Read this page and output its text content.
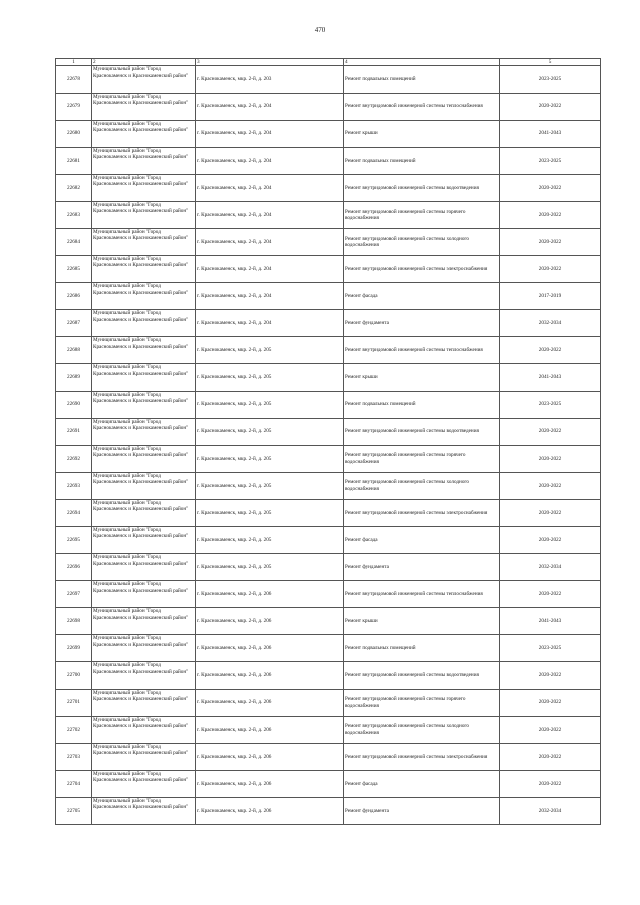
470
1	2	3	4	5
22678	Муниципальный район "Город Краснокаменск и Краснокаменский район"	г. Краснокаменск, мкр. 2-й, д. 203	Ремонт подвальных помещений	2023-2025
22679	Муниципальный район "Город Краснокаменск и Краснокаменский район"	г. Краснокаменск, мкр. 2-й, д. 204	Ремонт внутридомовой инженерной системы теплоснабжения	2020-2022
22680	Муниципальный район "Город Краснокаменск и Краснокаменский район"	г. Краснокаменск, мкр. 2-й, д. 204	Ремонт крыши	2041-2043
22681	Муниципальный район "Город Краснокаменск и Краснокаменский район"	г. Краснокаменск, мкр. 2-й, д. 204	Ремонт подвальных помещений	2023-2025
22682	Муниципальный район "Город Краснокаменск и Краснокаменский район"	г. Краснокаменск, мкр. 2-й, д. 204	Ремонт внутридомовой инженерной системы водоотведения	2020-2022
22683	Муниципальный район "Город Краснокаменск и Краснокаменский район"	г. Краснокаменск, мкр. 2-й, д. 204	Ремонт внутридомовой инженерной системы горячего водоснабжения	2020-2022
22684	Муниципальный район "Город Краснокаменск и Краснокаменский район"	г. Краснокаменск, мкр. 2-й, д. 204	Ремонт внутридомовой инженерной системы холодного водоснабжения	2020-2022
22685	Муниципальный район "Город Краснокаменск и Краснокаменский район"	г. Краснокаменск, мкр. 2-й, д. 204	Ремонт внутридомовой инженерной системы электроснабжения	2020-2022
22686	Муниципальный район "Город Краснокаменск и Краснокаменский район"	г. Краснокаменск, мкр. 2-й, д. 204	Ремонт фасада	2017-2019
22687	Муниципальный район "Город Краснокаменск и Краснокаменский район"	г. Краснокаменск, мкр. 2-й, д. 204	Ремонт фундамента	2032-2034
22688	Муниципальный район "Город Краснокаменск и Краснокаменский район"	г. Краснокаменск, мкр. 2-й, д. 205	Ремонт внутридомовой инженерной системы теплоснабжения	2020-2022
22689	Муниципальный район "Город Краснокаменск и Краснокаменский район"	г. Краснокаменск, мкр. 2-й, д. 205	Ремонт крыши	2041-2043
22690	Муниципальный район "Город Краснокаменск и Краснокаменский район"	г. Краснокаменск, мкр. 2-й, д. 205	Ремонт подвальных помещений	2023-2025
22691	Муниципальный район "Город Краснокаменск и Краснокаменский район"	г. Краснокаменск, мкр. 2-й, д. 205	Ремонт внутридомовой инженерной системы водоотведения	2020-2022
22692	Муниципальный район "Город Краснокаменск и Краснокаменский район"	г. Краснокаменск, мкр. 2-й, д. 205	Ремонт внутридомовой инженерной системы горячего водоснабжения	2020-2022
22693	Муниципальный район "Город Краснокаменск и Краснокаменский район"	г. Краснокаменск, мкр. 2-й, д. 205	Ремонт внутридомовой инженерной системы холодного водоснабжения	2020-2022
22694	Муниципальный район "Город Краснокаменск и Краснокаменский район"	г. Краснокаменск, мкр. 2-й, д. 205	Ремонт внутридомовой инженерной системы электроснабжения	2020-2022
22695	Муниципальный район "Город Краснокаменск и Краснокаменский район"	г. Краснокаменск, мкр. 2-й, д. 205	Ремонт фасада	2020-2022
22696	Муниципальный район "Город Краснокаменск и Краснокаменский район"	г. Краснокаменск, мкр. 2-й, д. 205	Ремонт фундамента	2032-2034
22697	Муниципальный район "Город Краснокаменск и Краснокаменский район"	г. Краснокаменск, мкр. 2-й, д. 206	Ремонт внутридомовой инженерной системы теплоснабжения	2020-2022
22698	Муниципальный район "Город Краснокаменск и Краснокаменский район"	г. Краснокаменск, мкр. 2-й, д. 206	Ремонт крыши	2041-2043
22699	Муниципальный район "Город Краснокаменск и Краснокаменский район"	г. Краснокаменск, мкр. 2-й, д. 206	Ремонт подвальных помещений	2023-2025
22700	Муниципальный район "Город Краснокаменск и Краснокаменский район"	г. Краснокаменск, мкр. 2-й, д. 206	Ремонт внутридомовой инженерной системы водоотведения	2020-2022
22701	Муниципальный район "Город Краснокаменск и Краснокаменский район"	г. Краснокаменск, мкр. 2-й, д. 206	Ремонт внутридомовой инженерной системы горячего водоснабжения	2020-2022
22702	Муниципальный район "Город Краснокаменск и Краснокаменский район"	г. Краснокаменск, мкр. 2-й, д. 206	Ремонт внутридомовой инженерной системы холодного водоснабжения	2020-2022
22703	Муниципальный район "Город Краснокаменск и Краснокаменский район"	г. Краснокаменск, мкр. 2-й, д. 206	Ремонт внутридомовой инженерной системы электроснабжения	2020-2022
22704	Муниципальный район "Город Краснокаменск и Краснокаменский район"	г. Краснокаменск, мкр. 2-й, д. 206	Ремонт фасада	2020-2022
22705	Муниципальный район "Город Краснокаменск и Краснокаменский район"	г. Краснокаменск, мкр. 2-й, д. 206	Ремонт фундамента	2032-2034
